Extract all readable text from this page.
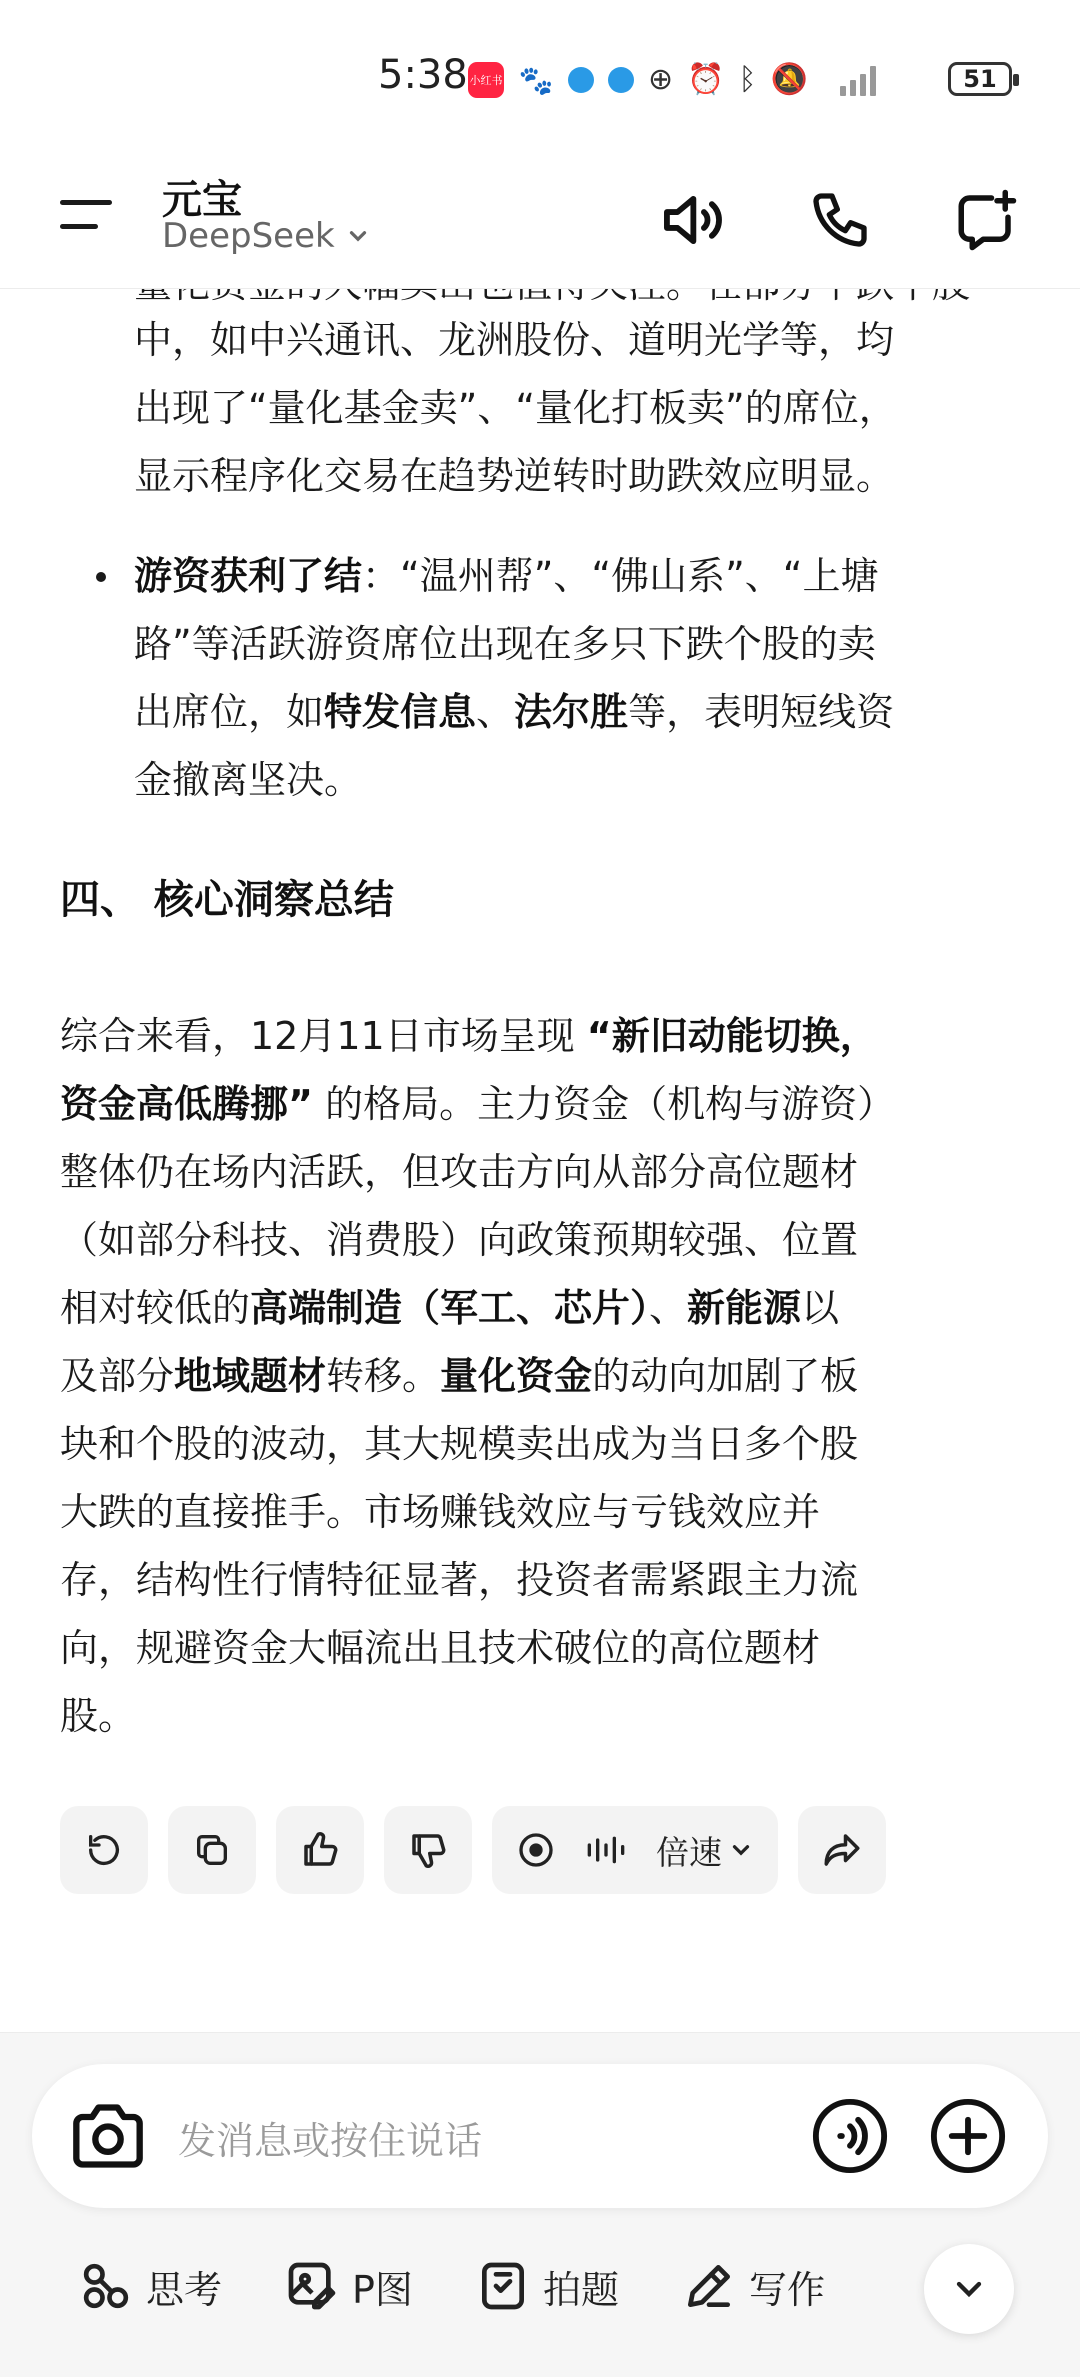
5:38 小红书 🐾	⊕ ⏰ ᛒ 🔕	51

中，如中兴通讯、龙洲股份、道明光学等，均

出现了“量化基金卖”、“量化打板卖”的席位，

显示程序化交易在趋势逆转时助跌效应明显。

游资获利了结：“温州帮”、“佛山系”、“上塘

路”等活跃游资席位出现在多只下跌个股的卖

出席位，如特发信息、法尔胜等，表明短线资

金撤离坚决。

四、 核心洞察总结

综合来看，12月11日市场呈现 “新旧动能切换，

资金高低腾挪” 的格局。主力资金（机构与游资）

整体仍在场内活跃，但攻击方向从部分高位题材

（如部分科技、消费股）向政策预期较强、位置

相对较低的高端制造（军工、芯片）、新能源以

及部分地域题材转移。量化资金的动向加剧了板

块和个股的波动，其大规模卖出成为当日多个股

大跌的直接推手。市场赚钱效应与亏钱效应并

存，结构性行情特征显著，投资者需紧跟主力流

向，规避资金大幅流出且技术破位的高位题材

股。

倍速
元宝
DeepSeek
发消息或按住说话
思考	P图	拍题	写作
